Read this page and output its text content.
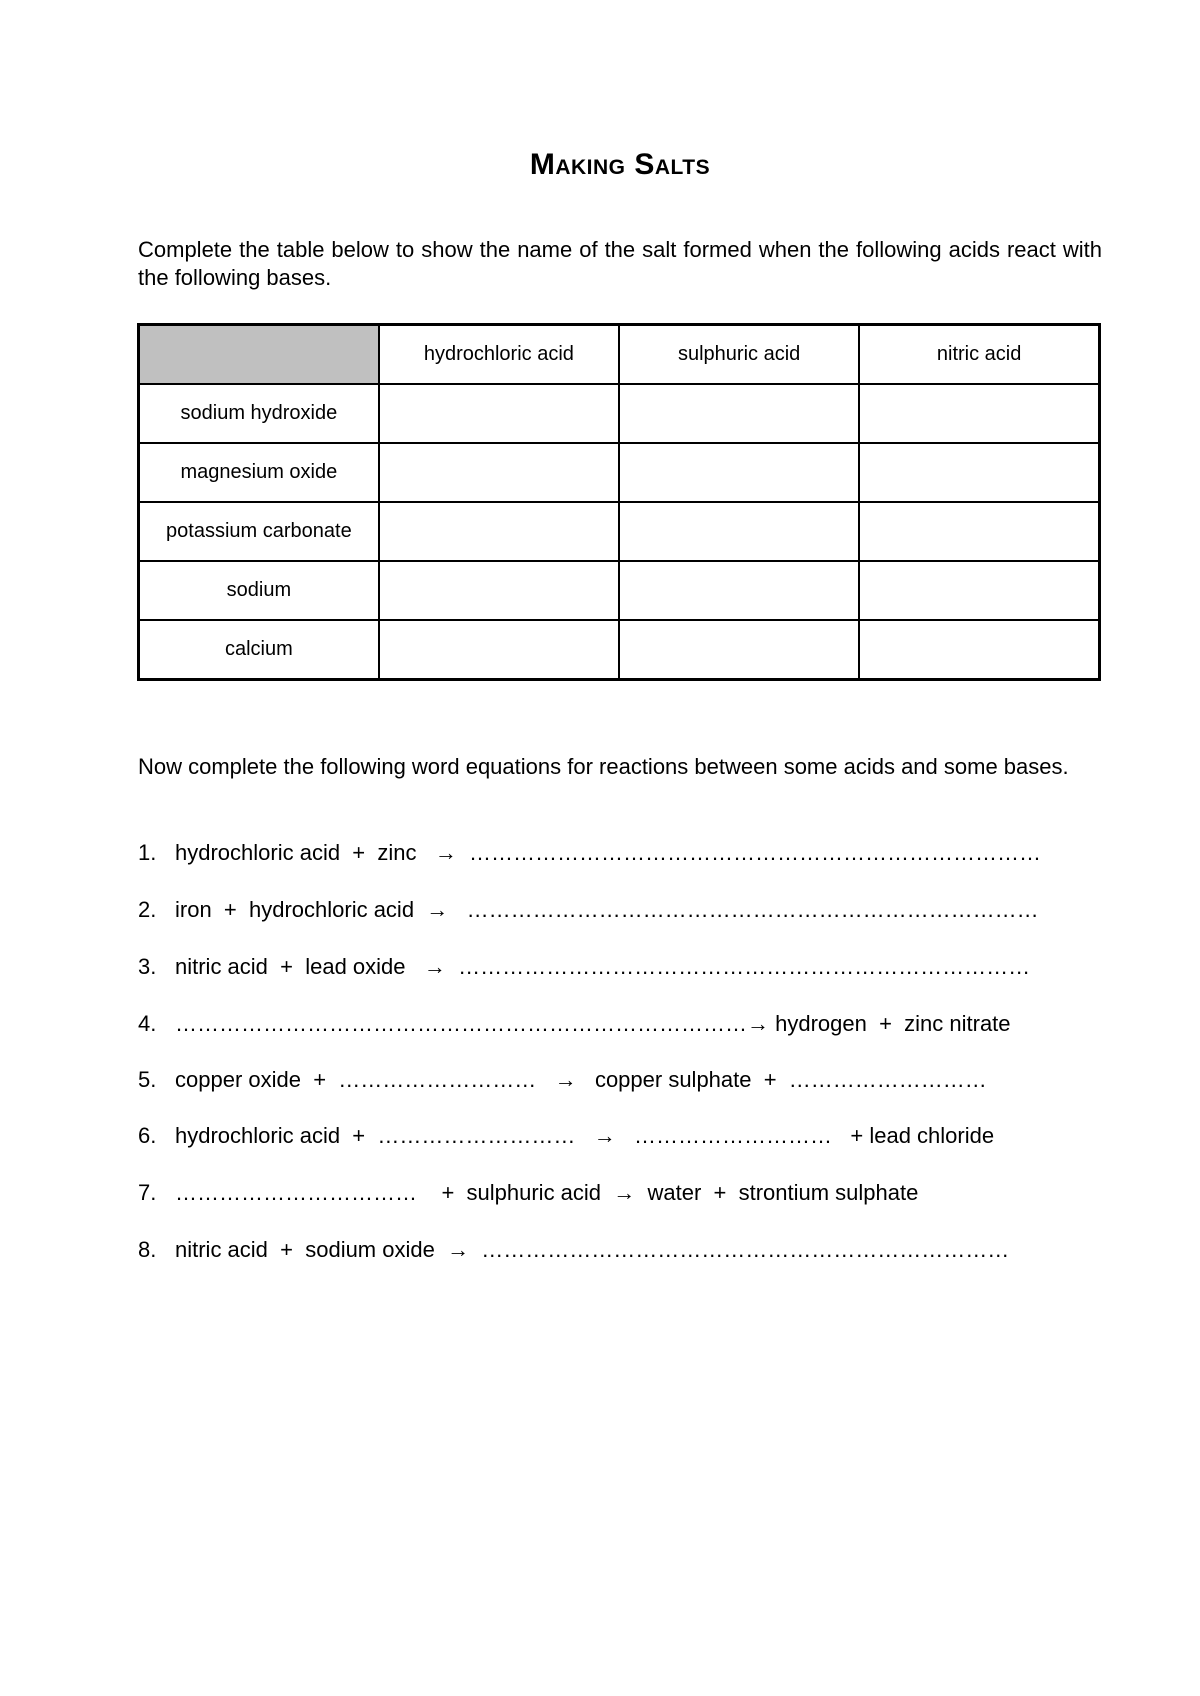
Making Salts
Complete the table below to show the name of the salt formed when the following acids react with the following bases.
	hydrochloric acid	sulphuric acid	nitric acid
sodium hydroxide			
magnesium oxide			
potassium carbonate			
sodium			
calcium			
Now complete the following word equations for reactions between some acids and some bases.
1. hydrochloric acid  +  zinc   →  ……………………………………………………………………
2. iron  +  hydrochloric acid  →   ……………………………………………………………………
3. nitric acid  +  lead oxide   →  ……………………………………………………………………
4. ……………………………………………………………………→ hydrogen  +  zinc nitrate
5. copper oxide  +  ………………………   →   copper sulphate  +  ………………………
6. hydrochloric acid  +  ………………………   →   ………………………   + lead chloride
7. ……………………………    +  sulphuric acid  →  water  +  strontium sulphate
8. nitric acid  +  sodium oxide  →  ………………………………………………………………
